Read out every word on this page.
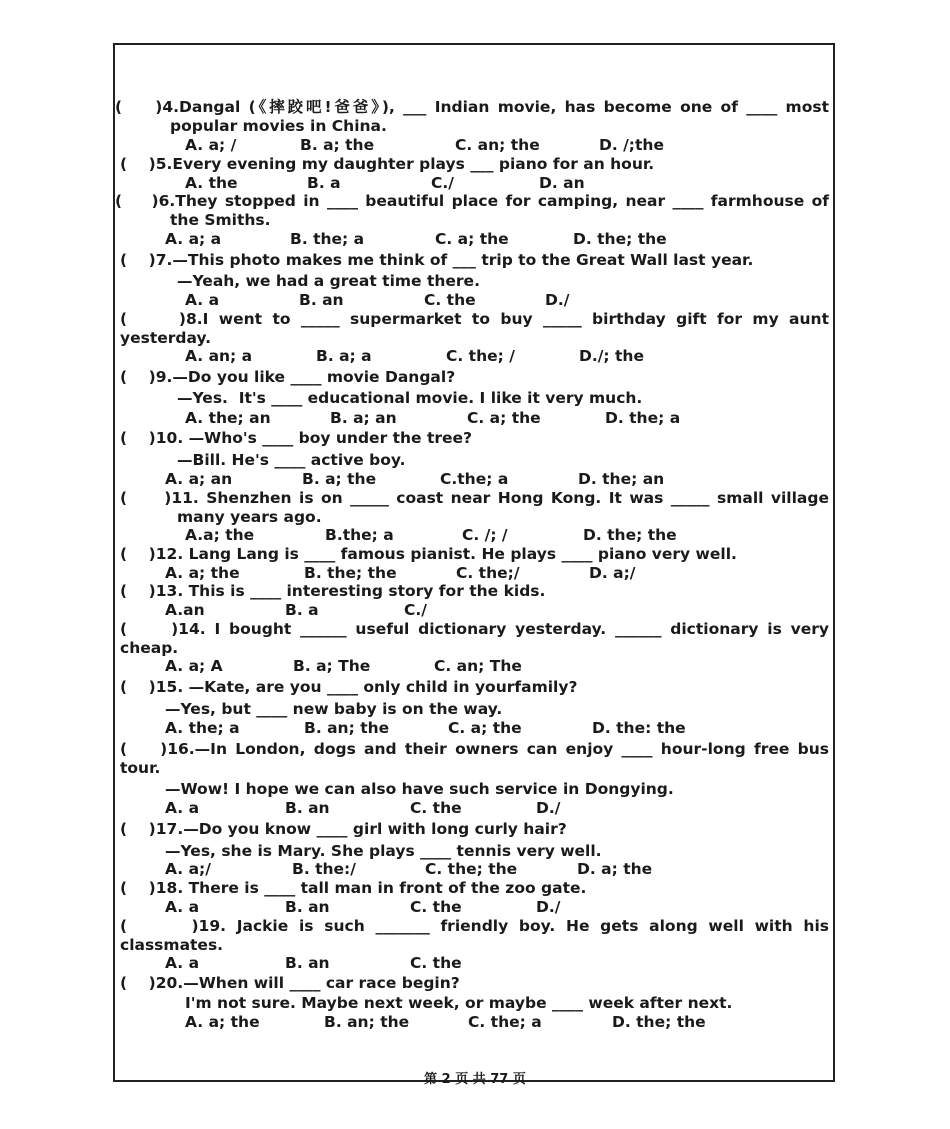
(    )4.Dangal (《摔跤吧!爸爸》), ___ Indian movie, has become one of ____ most
popular movies in China.
A. a; /	B. a; the	C. an; the	D. /;the
(    )5.Every evening my daughter plays ___ piano for an hour.
A. the	B. a	C./	D. an
(    )6.They stopped in ____ beautiful place for camping, near ____ farmhouse of
the Smiths.
A. a; a	B. the; a	C. a; the	D. the; the
(    )7.—This photo makes me think of ___ trip to the Great Wall last year.
—Yeah, we had a great time there.
A. a	B. an	C. the	D./
(     )8.I went to _____ supermarket to buy _____ birthday gift for my aunt
yesterday.
A. an; a	B. a; a	C. the; /	D./; the
(    )9.—Do you like ____ movie Dangal?
—Yes.  It's ____ educational movie. I like it very much.
A. the; an	B. a; an	C. a; the	D. the; a
(    )10. —Who's ____ boy under the tree?
—Bill. He's ____ active boy.
A. a; an	B. a; the	C.the; a	D. the; an
(     )11. Shenzhen is on _____ coast near Hong Kong. It was _____ small village
many years ago.
A.a; the	B.the; a	C. /; /	D. the; the
(    )12. Lang Lang is ____ famous pianist. He plays ____ piano very well.
A. a; the	B. the; the	C. the;/	D. a;/
(    )13. This is ____ interesting story for the kids.
A.an	B. a	C./
(     )14. I bought ______ useful dictionary yesterday. ______ dictionary is very
cheap.
A. a; A	B. a; The	C. an; The
(    )15. —Kate, are you ____ only child in yourfamily?
—Yes, but ____ new baby is on the way.
A. the; a	B. an; the	C. a; the	D. the: the
(    )16.—In London, dogs and their owners can enjoy ____ hour-long free bus
tour.
—Wow! I hope we can also have such service in Dongying.
A. a	B. an	C. the	D./
(    )17.—Do you know ____ girl with long curly hair?
—Yes, she is Mary. She plays ____ tennis very well.
A. a;/	B. the:/	C. the; the	D. a; the
(    )18. There is ____ tall man in front of the zoo gate.
A. a	B. an	C. the	D./
(      )19. Jackie is such _______ friendly boy. He gets along well with his
classmates.
A. a	B. an	C. the
(    )20.—When will ____ car race begin?
I'm not sure. Maybe next week, or maybe ____ week after next.
A. a; the	B. an; the	C. the; a	D. the; the
第 2 页 共 77 页
